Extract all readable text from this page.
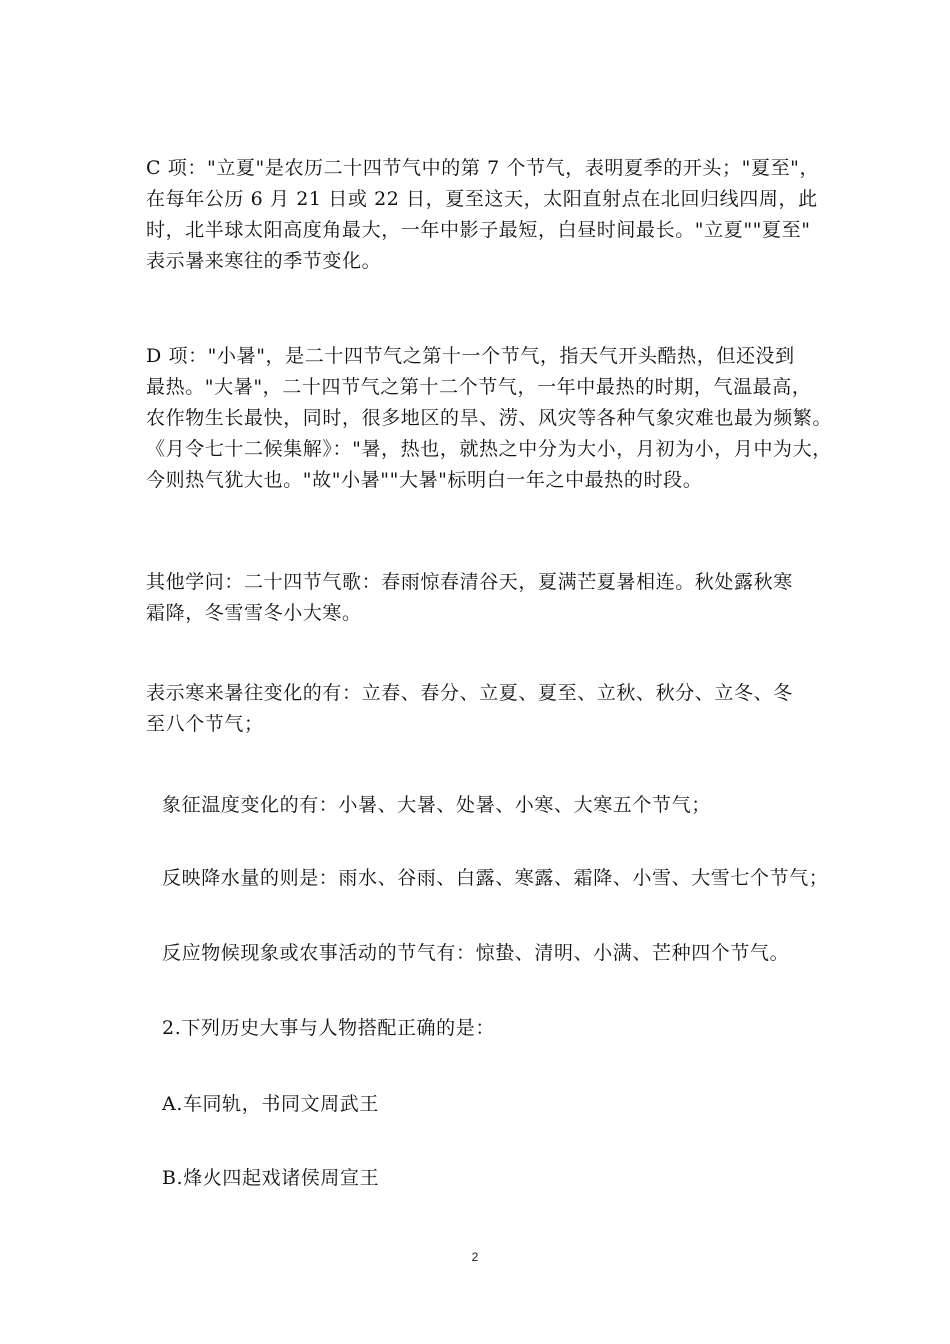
C 项："立夏"是农历二十四节气中的第 7 个节气，表明夏季的开头；"夏至"，
在每年公历 6 月 21 日或 22 日，夏至这天，太阳直射点在北回归线四周，此
时，北半球太阳高度角最大，一年中影子最短，白昼时间最长。"立夏""夏至"
表示暑来寒往的季节变化。

D 项："小暑"，是二十四节气之第十一个节气，指天气开头酷热，但还没到
最热。"大暑"，二十四节气之第十二个节气，一年中最热的时期，气温最高，
农作物生长最快，同时，很多地区的旱、涝、风灾等各种气象灾难也最为频繁。
《月令七十二候集解》："暑，热也，就热之中分为大小，月初为小，月中为大，
今则热气犹大也。"故"小暑""大暑"标明白一年之中最热的时段。

其他学问：二十四节气歌：春雨惊春清谷天，夏满芒夏暑相连。秋处露秋寒
霜降，冬雪雪冬小大寒。

表示寒来暑往变化的有：立春、春分、立夏、夏至、立秋、秋分、立冬、冬
至八个节气；

象征温度变化的有：小暑、大暑、处暑、小寒、大寒五个节气；

反映降水量的则是：雨水、谷雨、白露、寒露、霜降、小雪、大雪七个节气；

反应物候现象或农事活动的节气有：惊蛰、清明、小满、芒种四个节气。

2.下列历史大事与人物搭配正确的是：

A.车同轨，书同文周武王

B.烽火四起戏诸侯周宣王

2
